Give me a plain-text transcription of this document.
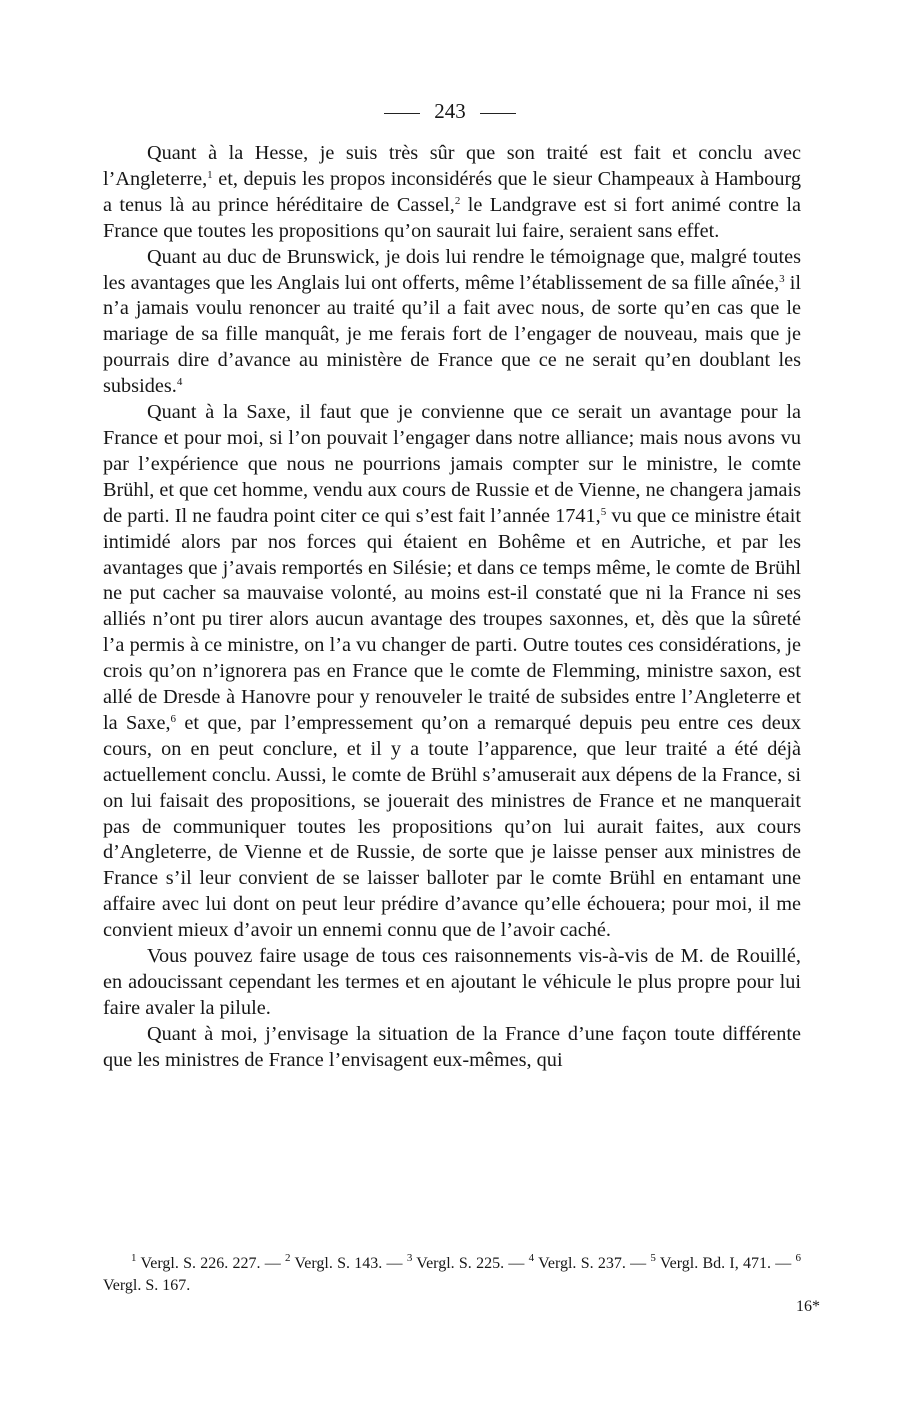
243

Quant à la Hesse, je suis très sûr que son traité est fait et conclu avec l’Angleterre,$^1$ et, depuis les propos inconsidérés que le sieur Champeaux à Hambourg a tenus là au prince héréditaire de Cassel,$^2$ le Landgrave est si fort animé contre la France que toutes les propositions qu’on saurait lui faire, seraient sans effet.

Quant au duc de Brunswick, je dois lui rendre le témoignage que, malgré toutes les avantages que les Anglais lui ont offerts, même l’établissement de sa fille aînée,$^3$ il n’a jamais voulu renoncer au traité qu’il a fait avec nous, de sorte qu’en cas que le mariage de sa fille manquât, je me ferais fort de l’engager de nouveau, mais que je pourrais dire d’avance au ministère de France que ce ne serait qu’en doublant les subsides.$^4$

Quant à la Saxe, il faut que je convienne que ce serait un avantage pour la France et pour moi, si l’on pouvait l’engager dans notre alliance; mais nous avons vu par l’expérience que nous ne pourrions jamais compter sur le ministre, le comte Brühl, et que cet homme, vendu aux cours de Russie et de Vienne, ne changera jamais de parti. Il ne faudra point citer ce qui s’est fait l’année 1741,$^5$ vu que ce ministre était intimidé alors par nos forces qui étaient en Bohême et en Autriche, et par les avantages que j’avais remportés en Silésie; et dans ce temps même, le comte de Brühl ne put cacher sa mauvaise volonté, au moins est-il constaté que ni la France ni ses alliés n’ont pu tirer alors aucun avantage des troupes saxonnes, et, dès que la sûreté l’a permis à ce ministre, on l’a vu changer de parti. Outre toutes ces considérations, je crois qu’on n’ignorera pas en France que le comte de Flemming, ministre saxon, est allé de Dresde à Hanovre pour y renouveler le traité de subsides entre l’Angleterre et la Saxe,$^6$ et que, par l’empressement qu’on a remarqué depuis peu entre ces deux cours, on en peut conclure, et il y a toute l’apparence, que leur traité a été déjà actuellement conclu. Aussi, le comte de Brühl s’amuserait aux dépens de la France, si on lui faisait des propositions, se jouerait des ministres de France et ne manquerait pas de communiquer toutes les propositions qu’on lui aurait faites, aux cours d’Angleterre, de Vienne et de Russie, de sorte que je laisse penser aux ministres de France s’il leur convient de se laisser balloter par le comte Brühl en entamant une affaire avec lui dont on peut leur prédire d’avance qu’elle échouera; pour moi, il me convient mieux d’avoir un ennemi connu que de l’avoir caché.

Vous pouvez faire usage de tous ces raisonnements vis-à-vis de M. de Rouillé, en adoucissant cependant les termes et en ajoutant le véhicule le plus propre pour lui faire avaler la pilule.

Quant à moi, j’envisage la situation de la France d’une façon toute différente que les ministres de France l’envisagent eux-mêmes, qui

$^1$ Vergl. S. 226. 227. — $^2$ Vergl. S. 143. — $^3$ Vergl. S. 225. — $^4$ Vergl. S. 237. — $^5$ Vergl. Bd. I, 471. — $^6$ Vergl. S. 167.

16*
